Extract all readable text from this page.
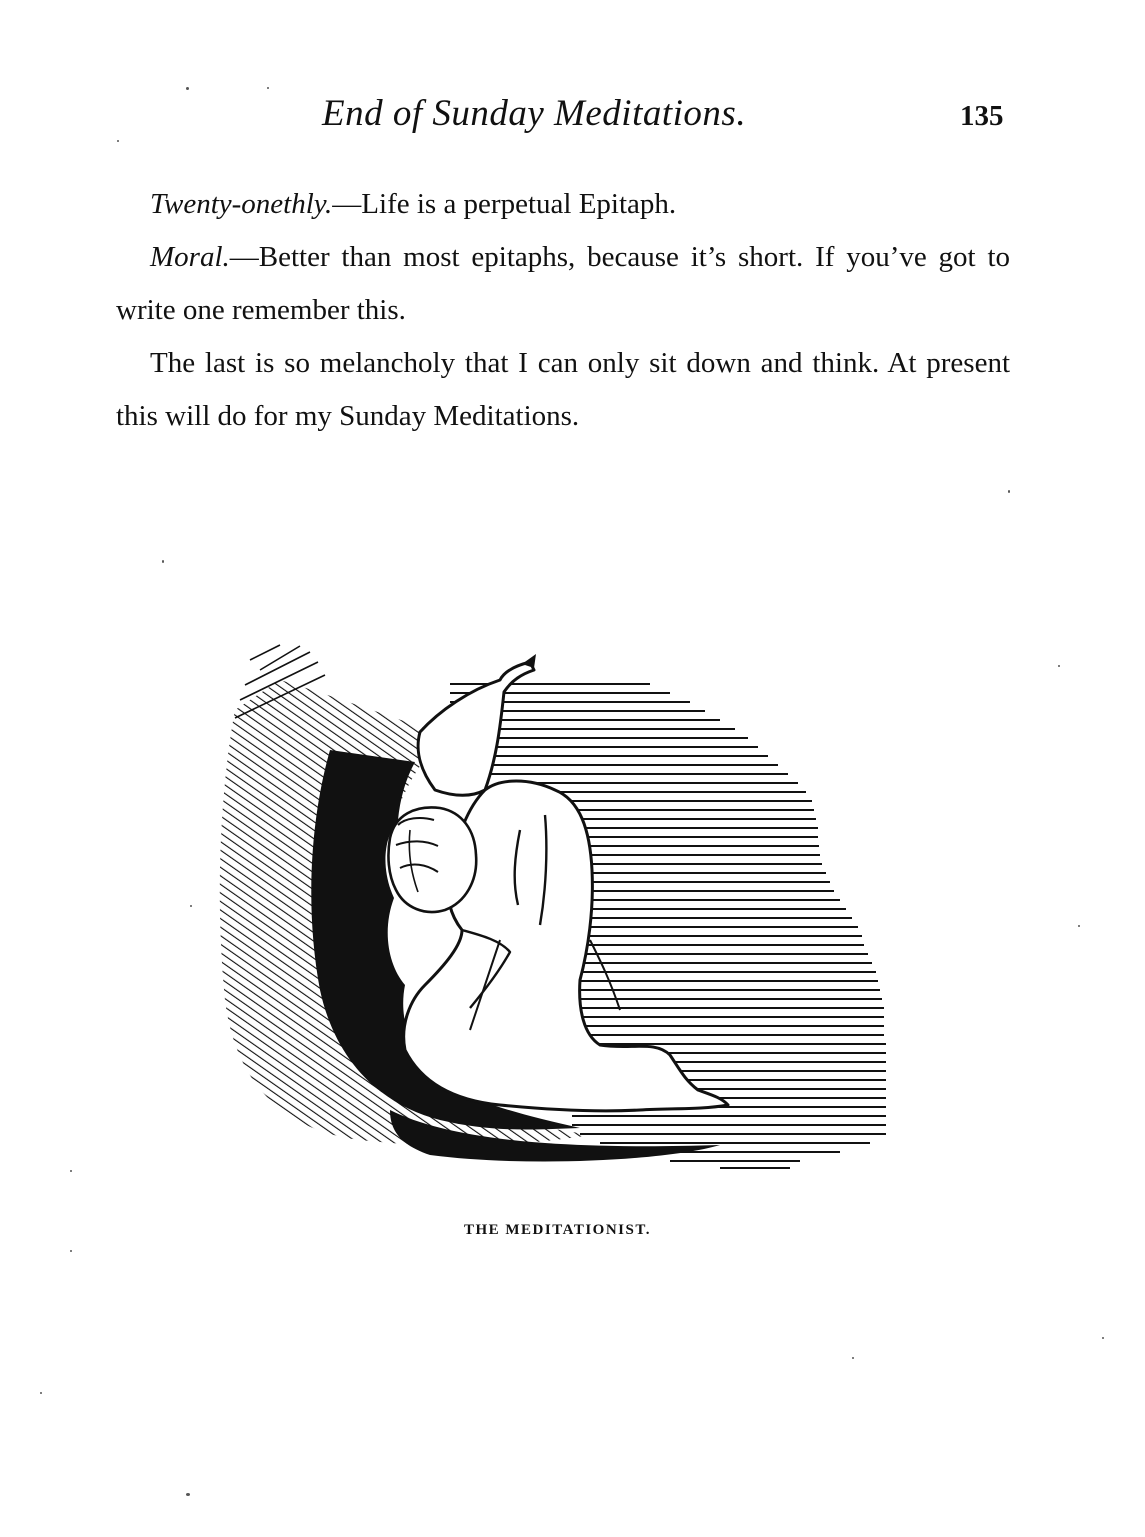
End of Sunday Meditations.	135

Twenty-onethly.—Life is a perpetual Epitaph.

Moral.—Better than most epitaphs, because it’s short. If you’ve got to write one remember this.

The last is so melancholy that I can only sit down and think. At present this will do for my Sunday Meditations.

THE MEDITATIONIST.
